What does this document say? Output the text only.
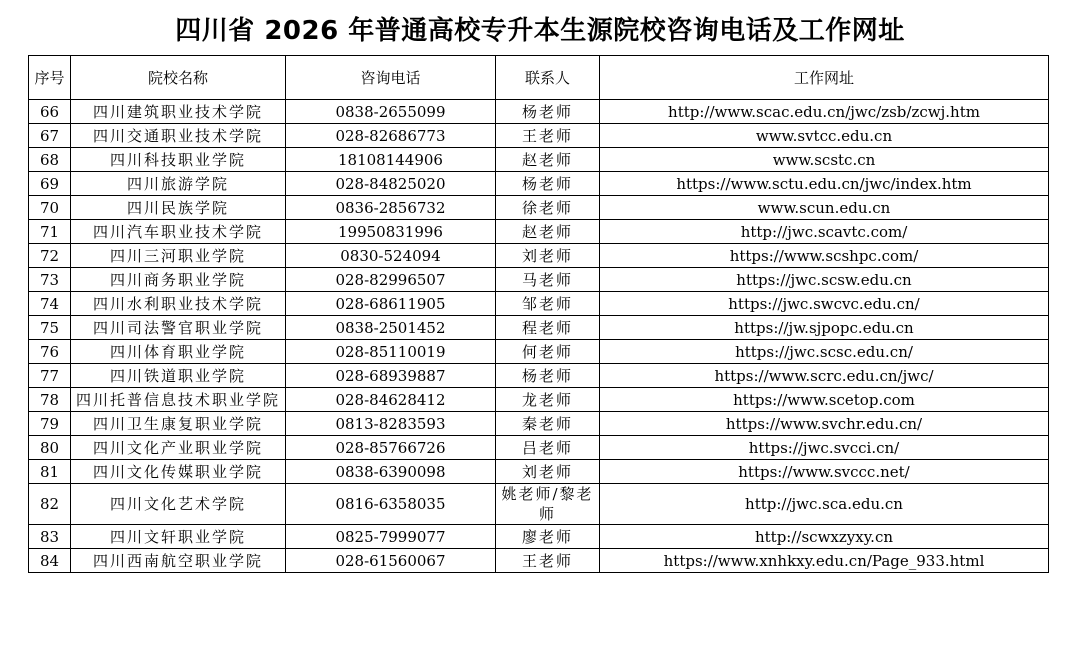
四川省 2026 年普通高校专升本生源院校咨询电话及工作网址
序号	院校名称	咨询电话	联系人	工作网址
66	四川建筑职业技术学院	0838-2655099	杨老师	http://www.scac.edu.cn/jwc/zsb/zcwj.htm
67	四川交通职业技术学院	028-82686773	王老师	www.svtcc.edu.cn
68	四川科技职业学院	18108144906	赵老师	www.scstc.cn
69	四川旅游学院	028-84825020	杨老师	https://www.sctu.edu.cn/jwc/index.htm
70	四川民族学院	0836-2856732	徐老师	www.scun.edu.cn
71	四川汽车职业技术学院	19950831996	赵老师	http://jwc.scavtc.com/
72	四川三河职业学院	0830-524094	刘老师	https://www.scshpc.com/
73	四川商务职业学院	028-82996507	马老师	https://jwc.scsw.edu.cn
74	四川水利职业技术学院	028-68611905	邹老师	https://jwc.swcvc.edu.cn/
75	四川司法警官职业学院	0838-2501452	程老师	https://jw.sjpopc.edu.cn
76	四川体育职业学院	028-85110019	何老师	https://jwc.scsc.edu.cn/
77	四川铁道职业学院	028-68939887	杨老师	https://www.scrc.edu.cn/jwc/
78	四川托普信息技术职业学院	028-84628412	龙老师	https://www.scetop.com
79	四川卫生康复职业学院	0813-8283593	秦老师	https://www.svchr.edu.cn/
80	四川文化产业职业学院	028-85766726	吕老师	https://jwc.svcci.cn/
81	四川文化传媒职业学院	0838-6390098	刘老师	https://www.svccc.net/
82	四川文化艺术学院	0816-6358035	姚老师/黎老师	http://jwc.sca.edu.cn
83	四川文轩职业学院	0825-7999077	廖老师	http://scwxzyxy.cn
84	四川西南航空职业学院	028-61560067	王老师	https://www.xnhkxy.edu.cn/Page_933.html
